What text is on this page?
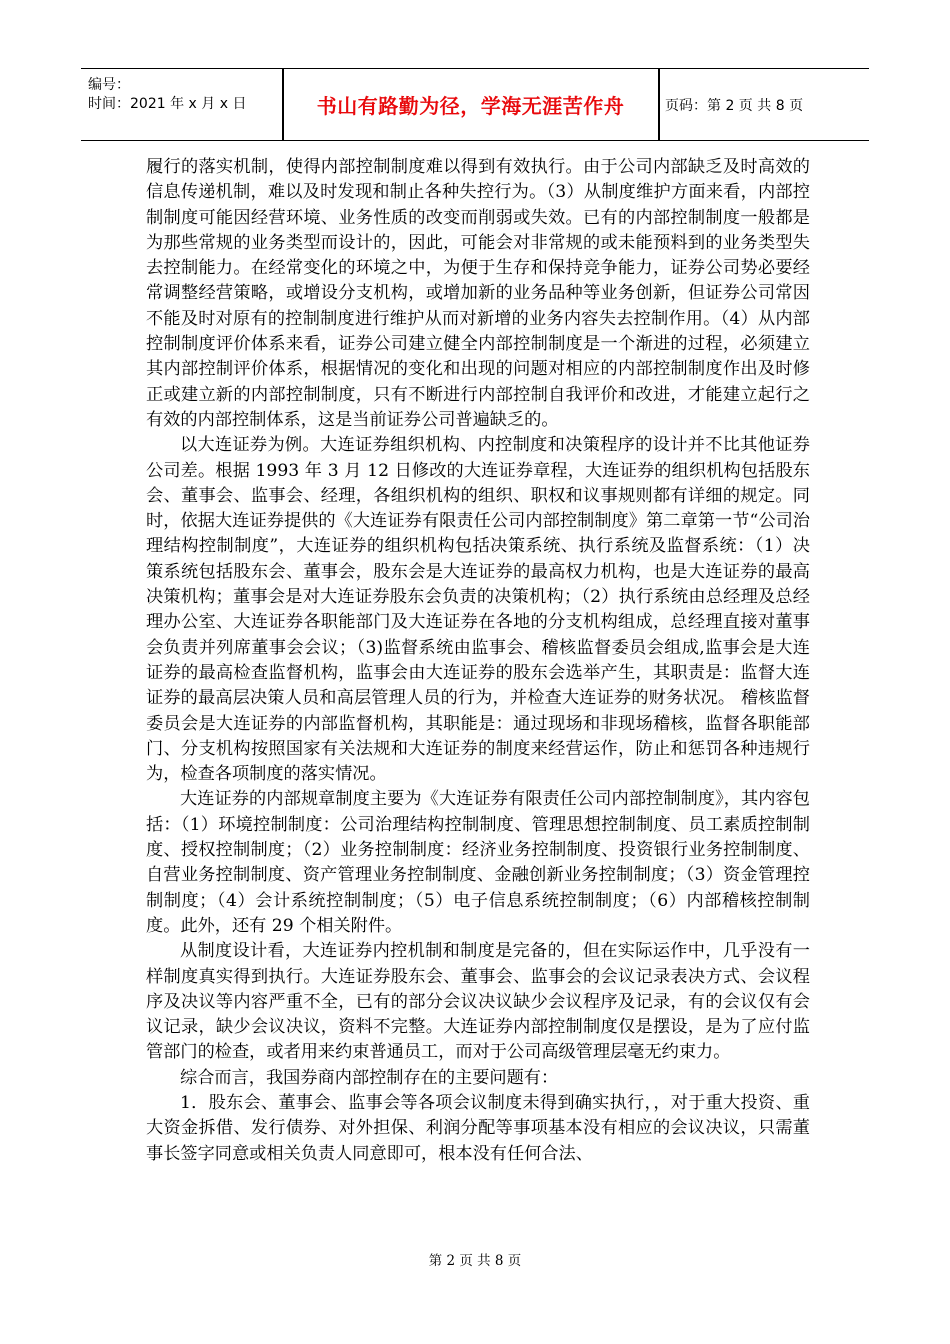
编号：
时间：2021 年 x 月 x 日	书山有路勤为径，学海无涯苦作舟	页码：第 2 页 共 8 页

履行的落实机制，使得内部控制制度难以得到有效执行。由于公司内部缺乏及时高效的信息传递机制，难以及时发现和制止各种失控行为。（3）从制度维护方面来看，内部控制制度可能因经营环境、业务性质的改变而削弱或失效。已有的内部控制制度一般都是为那些常规的业务类型而设计的，因此，可能会对非常规的或未能预料到的业务类型失去控制能力。在经常变化的环境之中，为便于生存和保持竞争能力，证券公司势必要经常调整经营策略，或增设分支机构，或增加新的业务品种等业务创新，但证券公司常因不能及时对原有的控制制度进行维护从而对新增的业务内容失去控制作用。（4）从内部控制制度评价体系来看，证券公司建立健全内部控制制度是一个渐进的过程，必须建立其内部控制评价体系，根据情况的变化和出现的问题对相应的内部控制制度作出及时修正或建立新的内部控制制度，只有不断进行内部控制自我评价和改进，才能建立起行之有效的内部控制体系，这是当前证券公司普遍缺乏的。

以大连证券为例。大连证券组织机构、内控制度和决策程序的设计并不比其他证券公司差。根据 1993 年 3 月 12 日修改的大连证券章程，大连证券的组织机构包括股东会、董事会、监事会、经理，各组织机构的组织、职权和议事规则都有详细的规定。同时，依据大连证券提供的《大连证券有限责任公司内部控制制度》第二章第一节“公司治理结构控制制度”，大连证券的组织机构包括决策系统、执行系统及监督系统：（1）决策系统包括股东会、董事会，股东会是大连证券的最高权力机构，也是大连证券的最高决策机构；董事会是对大连证券股东会负责的决策机构；（2）执行系统由总经理及总经理办公室、大连证券各职能部门及大连证券在各地的分支机构组成，总经理直接对董事会负责并列席董事会会议；（3)监督系统由监事会、稽核监督委员会组成,监事会是大连证券的最高检查监督机构，监事会由大连证券的股东会选举产生，其职责是：监督大连证券的最高层决策人员和高层管理人员的行为，并检查大连证券的财务状况。 稽核监督委员会是大连证券的内部监督机构，其职能是：通过现场和非现场稽核，监督各职能部门、分支机构按照国家有关法规和大连证券的制度来经营运作，防止和惩罚各种违规行为，检查各项制度的落实情况。

大连证券的内部规章制度主要为《大连证券有限责任公司内部控制制度》，其内容包括：（1）环境控制制度：公司治理结构控制制度、管理思想控制制度、员工素质控制制度、授权控制制度；（2）业务控制制度：经济业务控制制度、投资银行业务控制制度、自营业务控制制度、资产管理业务控制制度、金融创新业务控制制度；（3）资金管理控制制度；（4）会计系统控制制度；（5）电子信息系统控制制度；（6）内部稽核控制制度。此外，还有 29 个相关附件。

从制度设计看，大连证券内控机制和制度是完备的，但在实际运作中，几乎没有一样制度真实得到执行。大连证券股东会、董事会、监事会的会议记录表决方式、会议程序及决议等内容严重不全，已有的部分会议决议缺少会议程序及记录，有的会议仅有会议记录，缺少会议决议，资料不完整。大连证券内部控制制度仅是摆设，是为了应付监管部门的检查，或者用来约束普通员工，而对于公司高级管理层毫无约束力。

综合而言，我国券商内部控制存在的主要问题有：

1．股东会、董事会、监事会等各项会议制度未得到确实执行，，对于重大投资、重大资金拆借、发行债券、对外担保、利润分配等事项基本没有相应的会议决议，只需董事长签字同意或相关负责人同意即可，根本没有任何合法、

第 2 页 共 8 页
